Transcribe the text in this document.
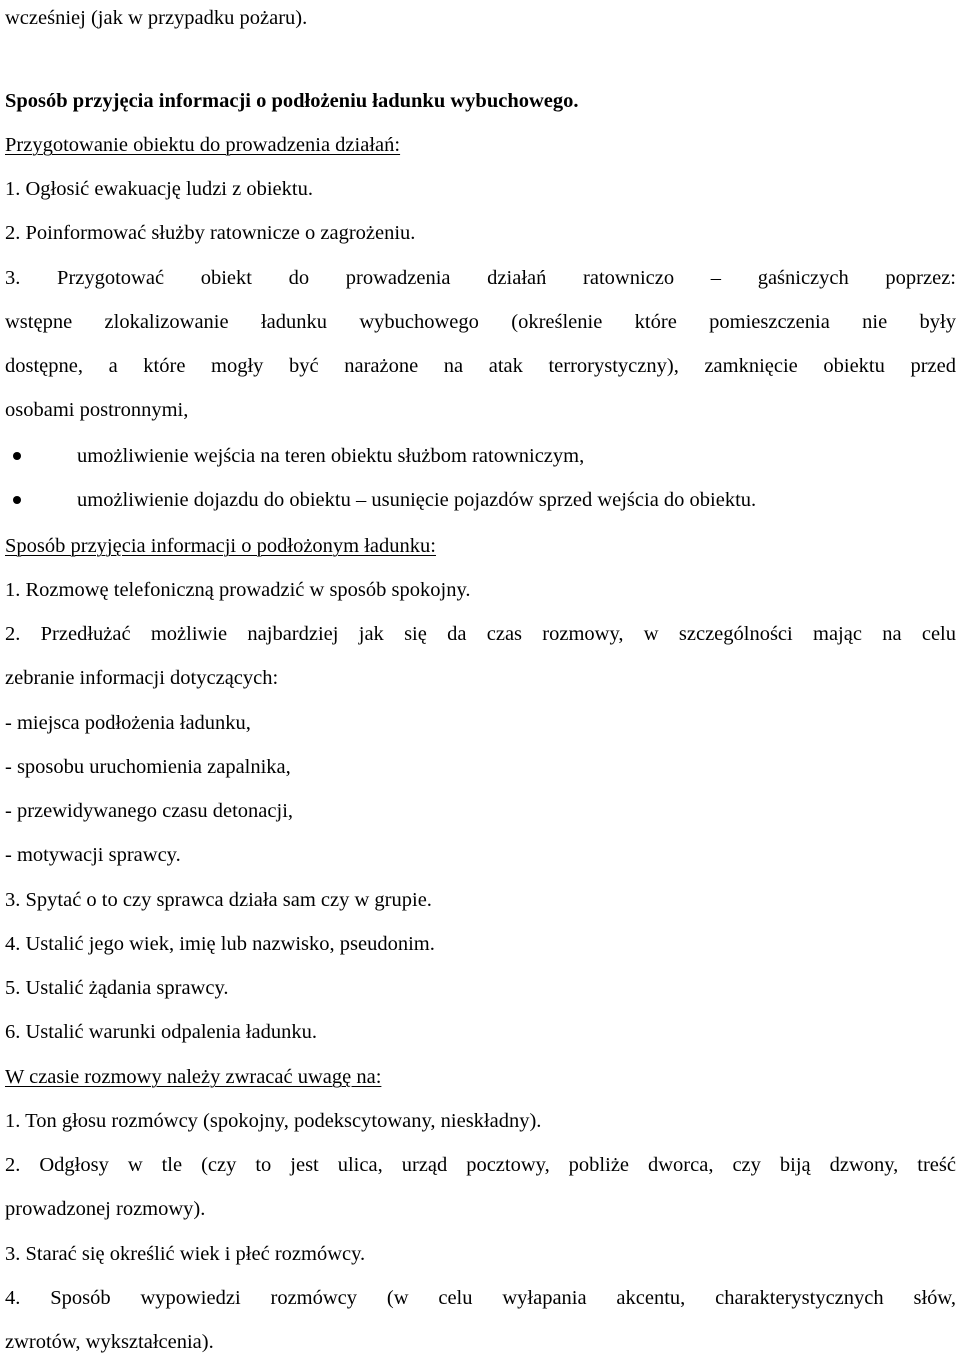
wcześniej (jak w przypadku pożaru).
Sposób przyjęcia informacji o podłożeniu ładunku wybuchowego.
Przygotowanie obiektu do prowadzenia działań:
1. Ogłosić ewakuację ludzi z obiektu.
2. Poinformować służby ratownicze o zagrożeniu.
3. Przygotować obiekt do prowadzenia działań ratowniczo – gaśniczych poprzez:
wstępne zlokalizowanie ładunku wybuchowego (określenie które pomieszczenia nie były
dostępne, a które mogły być narażone na atak terrorystyczny), zamknięcie obiektu przed
osobami postronnymi,
umożliwienie wejścia na teren obiektu służbom ratowniczym,
umożliwienie dojazdu do obiektu – usunięcie pojazdów sprzed wejścia do obiektu.
Sposób przyjęcia informacji o podłożonym ładunku:
1. Rozmowę telefoniczną prowadzić w sposób spokojny.
2. Przedłużać możliwie najbardziej jak się da czas rozmowy, w szczególności mając na celu
zebranie informacji dotyczących:
- miejsca podłożenia ładunku,
- sposobu uruchomienia zapalnika,
- przewidywanego czasu detonacji,
- motywacji sprawcy.
3. Spytać o to czy sprawca działa sam czy w grupie.
4. Ustalić jego wiek, imię lub nazwisko, pseudonim.
5. Ustalić żądania sprawcy.
6. Ustalić warunki odpalenia ładunku.
W czasie rozmowy należy zwracać uwagę na:
1. Ton głosu rozmówcy (spokojny, podekscytowany, nieskładny).
2. Odgłosy w tle (czy to jest ulica, urząd pocztowy, pobliże dworca, czy biją dzwony, treść
prowadzonej rozmowy).
3. Starać się określić wiek i płeć rozmówcy.
4. Sposób wypowiedzi rozmówcy (w celu wyłapania akcentu, charakterystycznych słów,
zwrotów, wykształcenia).
